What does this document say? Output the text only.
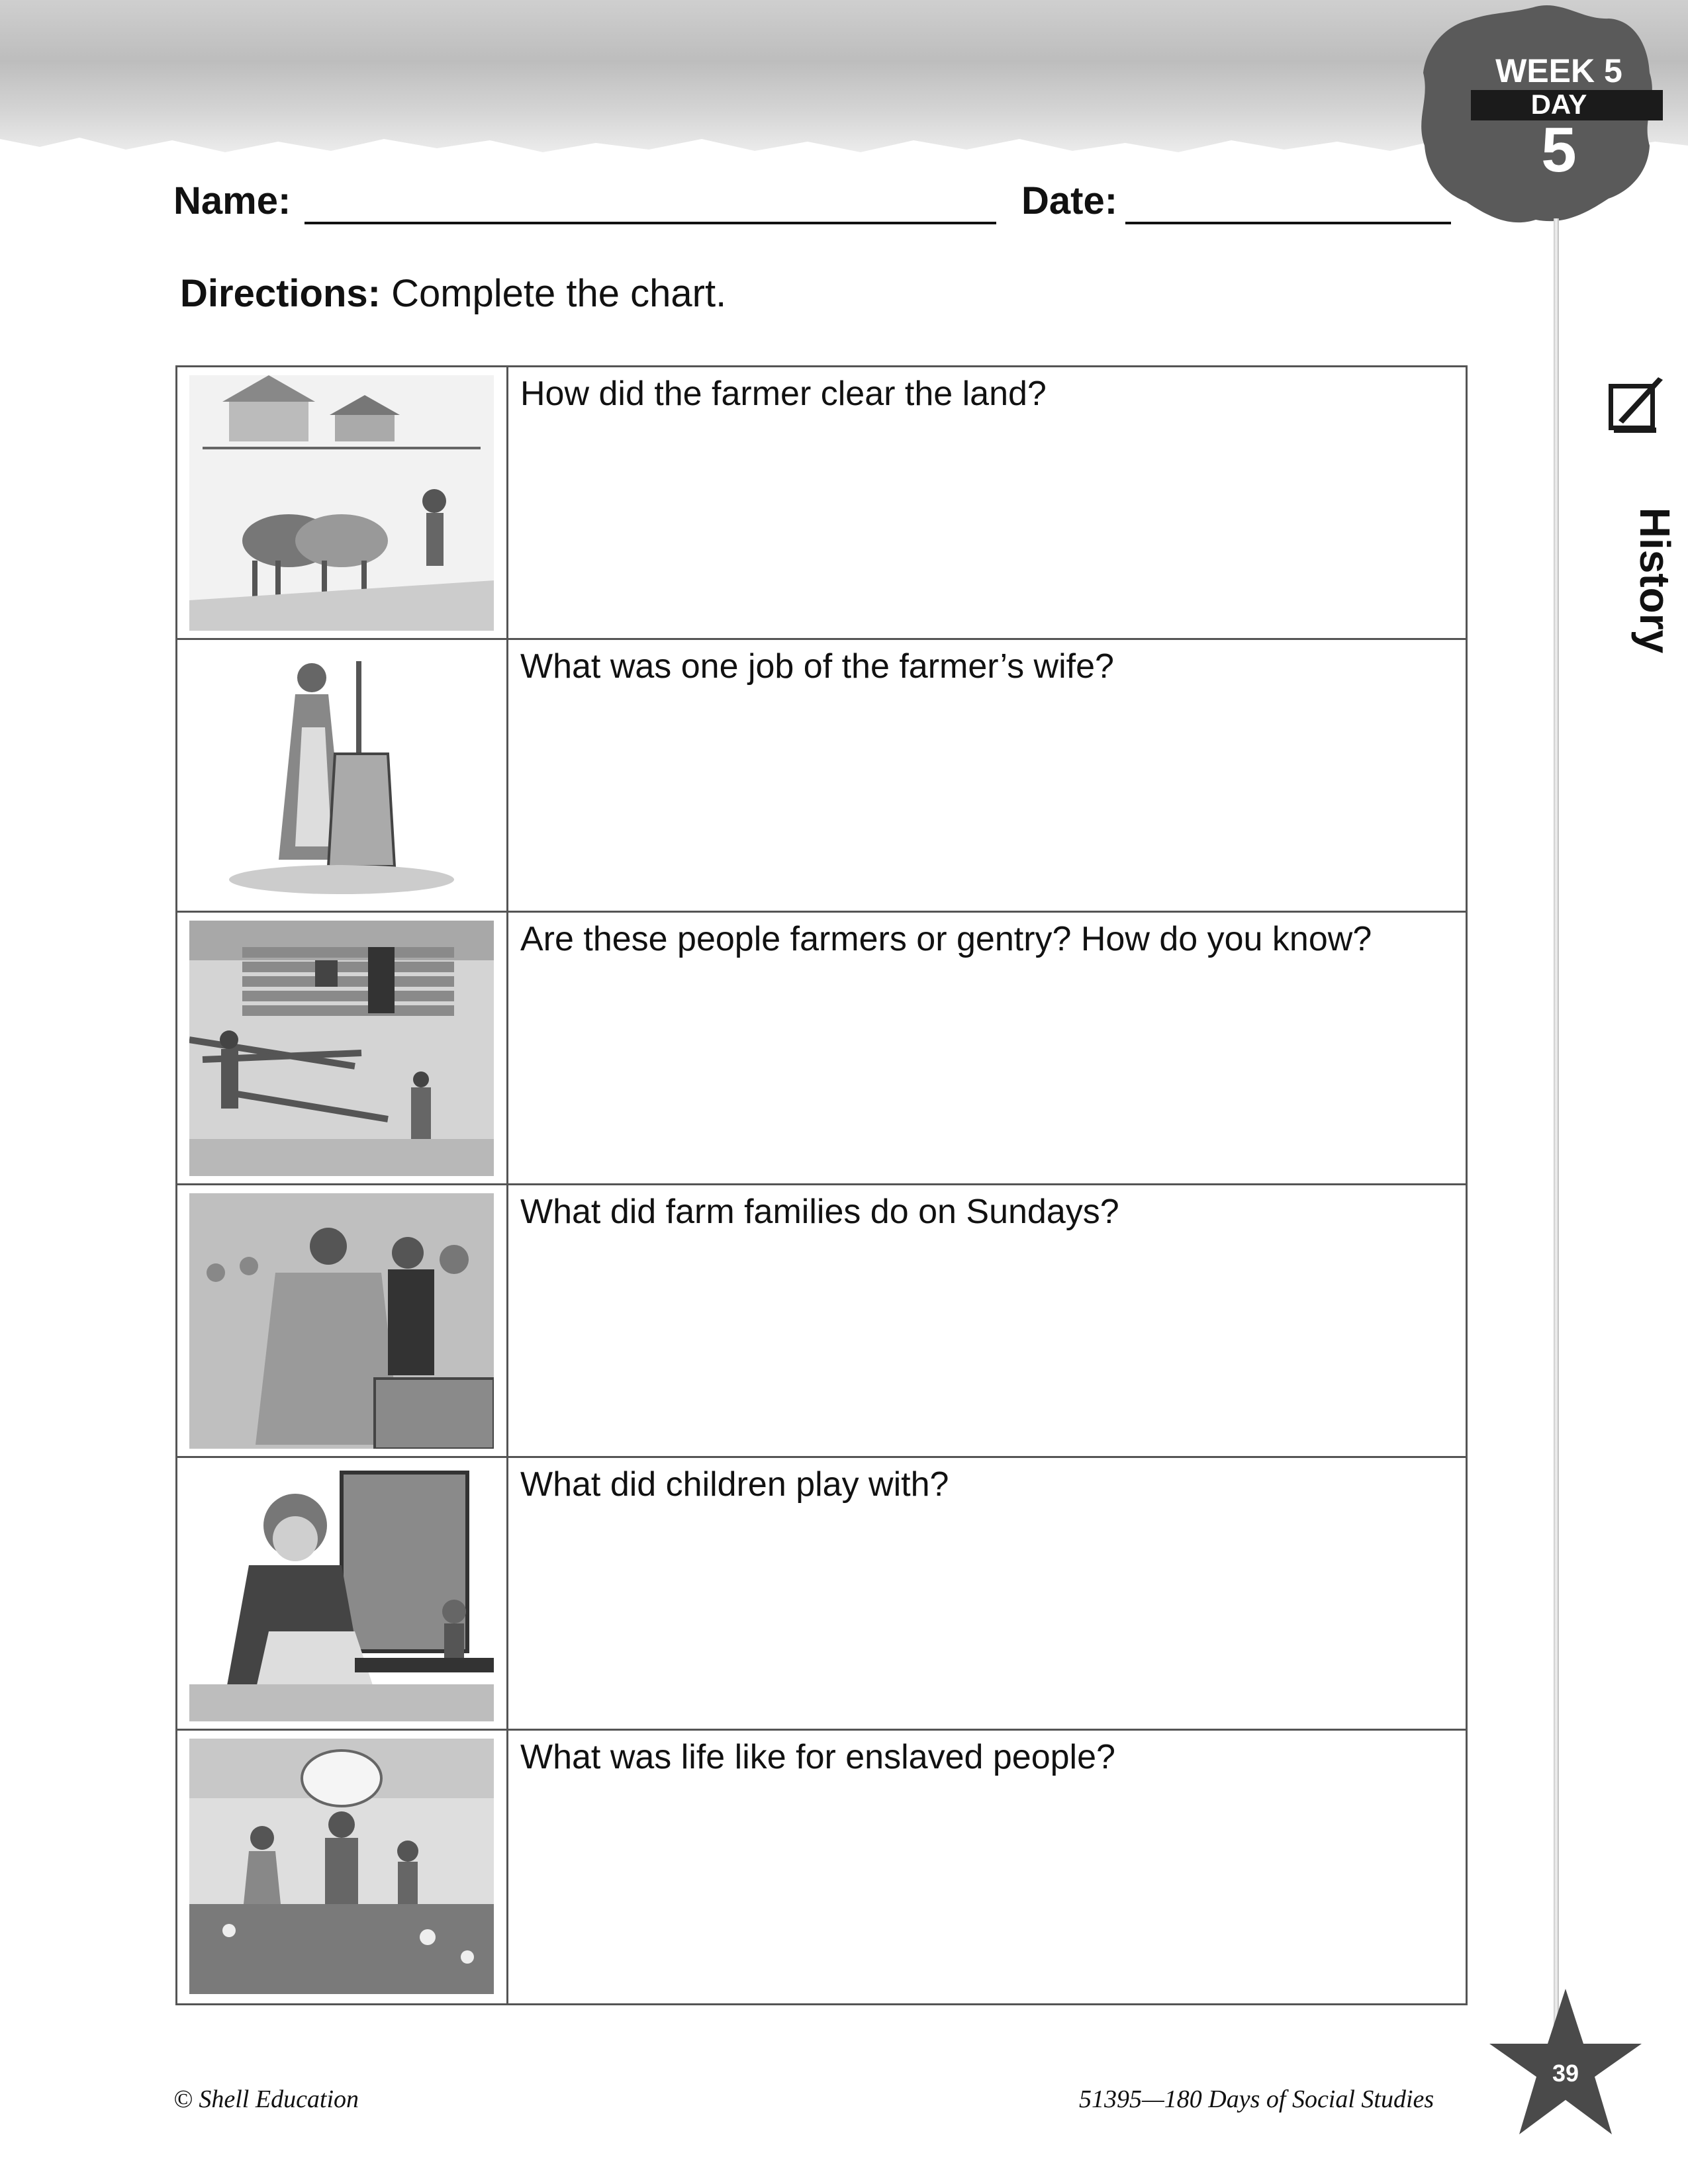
WEEK 5
DAY
5
Name:	Date:
Directions: Complete the chart.
How did the farmer clear the land?
What was one job of the farmer’s wife?
Are these people farmers or gentry? How do you know?
What did farm families do on Sundays?
What did children play with?
What was life like for enslaved people?
History
39
© Shell Education	51395—180 Days of Social Studies
